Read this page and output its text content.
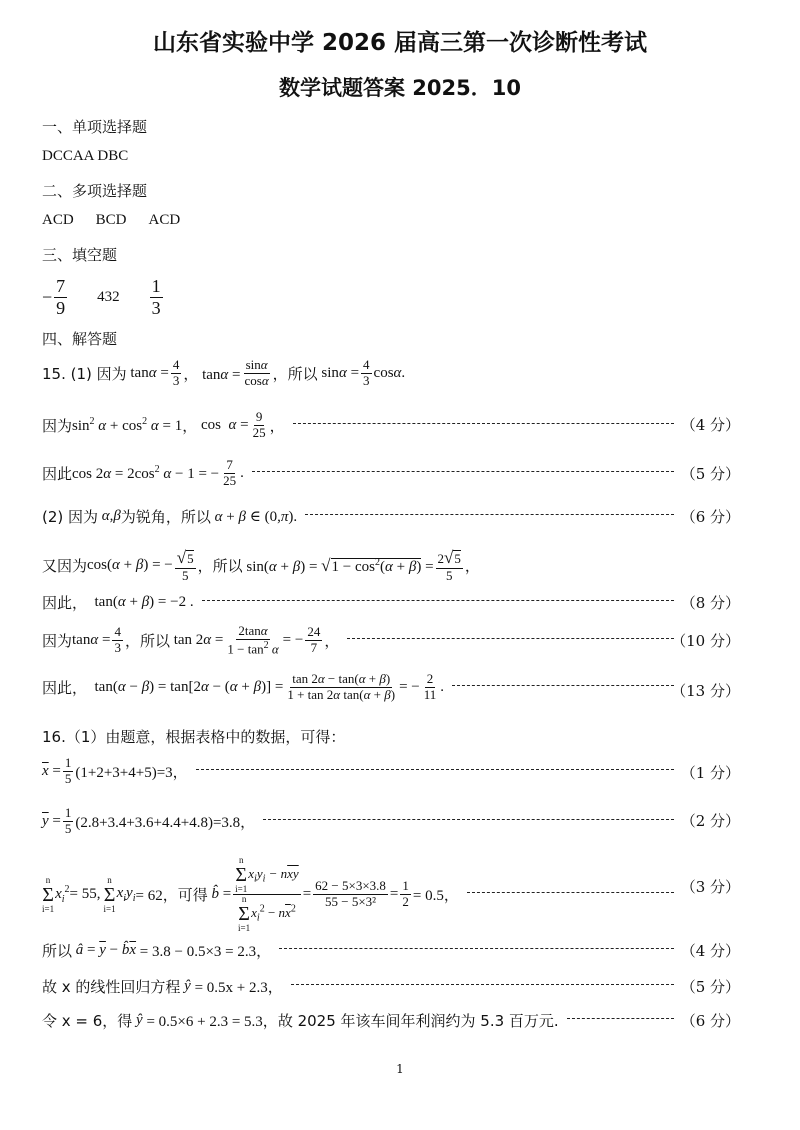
山东省实验中学 2026 届高三第一次诊断性考试
数学试题答案 2025．10
一、单项选择题
DCCAA DBC
二、多项选择题
ACD BCD ACD
三、填空题
− $\frac{7}{9} 432 \frac{1}{3}$
四、解答题
15. (1) 因为 $\tan\alpha = \frac{4}{3}$ ， $\tan\alpha = \frac{\sin\alpha}{\cos\alpha}$ ，所以 $\sin\alpha = \frac{4}{3} \cos\alpha$.
因为 $\sin^2 \alpha + \cos^2 \alpha = 1$ ， $\cos \alpha = \frac{9}{25}$ ，	（4 分）
因此 $\cos 2\alpha = 2\cos^2$ α − 1 = − $\frac{7}{25}$ .	（5 分）
(2) 因为 α,β 为锐角，所以 α + β ∈ (0,π).	（6 分）
又因为 cos(α + β) = − $\frac{√5}{5}$ ，所以 $\sin(\alpha + \beta) = √1 - \cos^2(\alpha + \beta) = \frac{2√5}{5}$ ，
因此， tan(α + β) = −2 .	（8 分）
因为 $\tan\alpha = \frac{4}{3}$ ，所以 $\tan 2\alpha = \frac{2\tan\alpha}{1 - \tan^2 \alpha}$ = − $\frac{24}{7}$ ，	（10 分）
因此， $\tan(\alpha - \beta) = \tan[2\alpha - (\alpha + \beta)] = \frac{\tan 2\alpha - \tan(\alpha + \beta)}{\text{1 + tan 2α tan(α + β)}}$ = − $\frac{2}{11}$ .	（13 分）
16.（1）由题意，根据表格中的数据，可得：
$\overline{x} = \frac{1}{5} (1+2+3+4+5)=3$，	（1 分）
$\overline{y} = \frac{1}{5} (2.8+3.4+3.6+4.4+4.8)=3.8$，	（2 分）
n
Σ
i=1
$x_i^2 = 55$,
n
Σ
i=1
$x_iy_i = 62$，可得 b̂ = n
Σ
i=1
$x_iy_i - n\overline{xy}$
n
Σ
i=1
$x_i^2 - n\overline{x}^2 = \frac{62 - 5\times 3\times 3.8}{\text{55 − 5×3²}} = \frac{1}{2} = 0.5$，	（3 分）
所以 â = $\overline{y}$ − $b̂\overline{x} = 3.8 - 0.5\times 3 = 2.3$，	（4 分）
故 x 的线性回归方程 ŷ = 0.5x + 2.3，	（5 分）
令 x = 6，得 ŷ = 0.5×6 + 2.3 = 5.3， 故 2025 年该车间年利润约为 5.3 百万元.	（6 分）
1
